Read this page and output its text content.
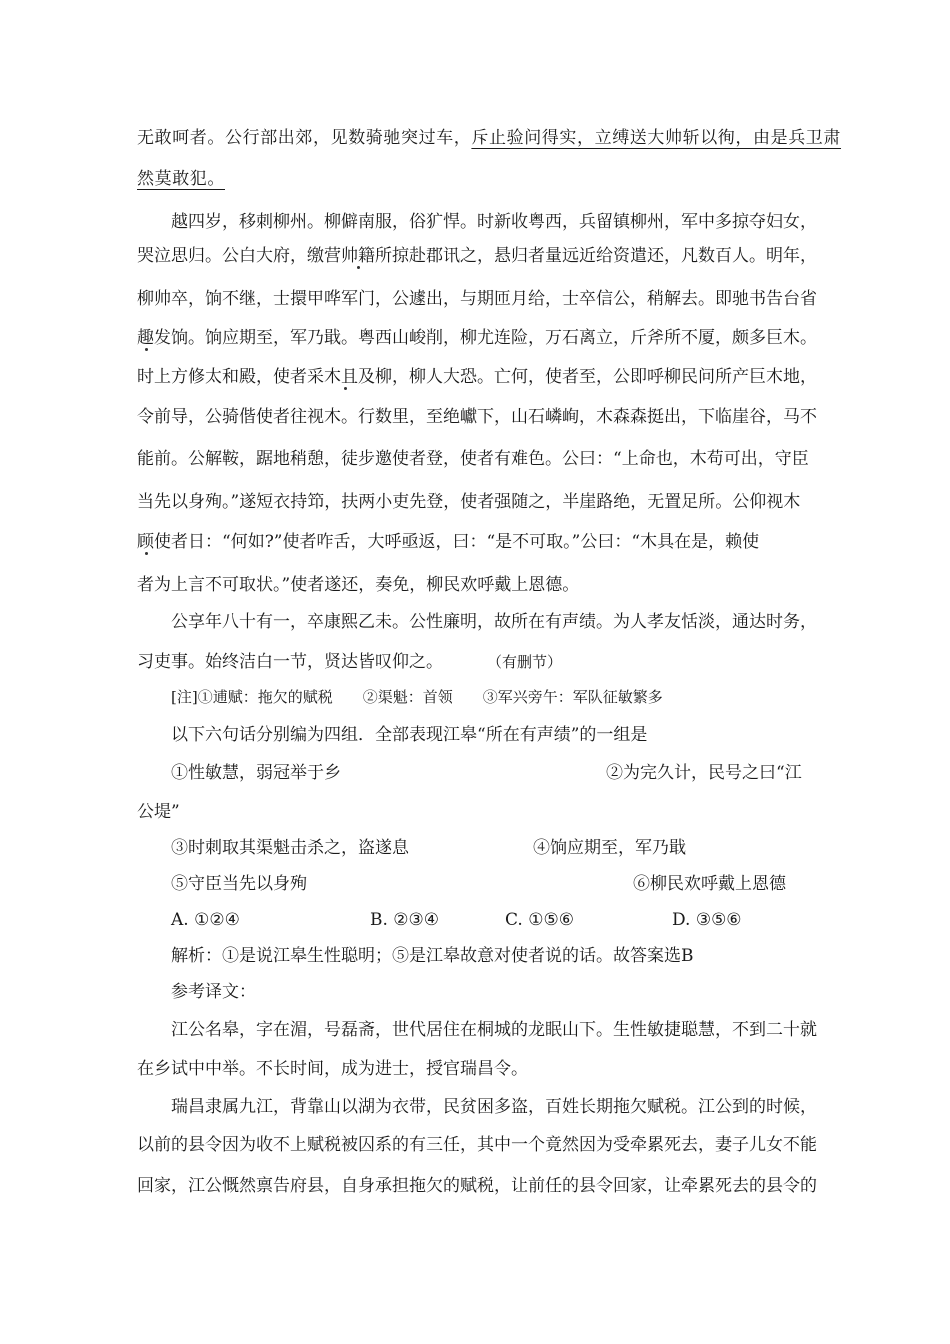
无敢呵者。公行部出郊，见数骑驰突过车，斥止验问得实，立缚送大帅斩以徇，由是兵卫肃
然莫敢犯。
越四岁，移刺柳州。柳僻南服，俗犷悍。时新收粤西，兵留镇柳州，军中多掠夺妇女，
哭泣思归。公白大府，缴营帅籍所掠赴郡讯之，悬归者量远近给资遣还，凡数百人。明年，
柳帅卒，饷不继，士擐甲哗军门，公遽出，与期匝月给，士卒信公，稍解去。即驰书告台省
趣发饷。饷应期至，军乃戢。粤西山峻削，柳尤连险，万石离立，斤斧所不厦，颇多巨木。
时上方修太和殿，使者采木且及柳，柳人大恐。亡何，使者至，公即呼柳民问所产巨木地，
令前导，公骑偕使者往视木。行数里，至绝巘下，山石嶙峋，木森森挺出，下临崖谷，马不
能前。公解鞍，踞地稍憩，徒步邀使者登，使者有难色。公曰：“上命也，木苟可出，守臣
当先以身殉。”遂短衣持笻，扶两小吏先登，使者强随之，半崖路绝，无置足所。公仰视木
顾使者日：“何如?”使者咋舌，大呼亟返，曰：“是不可取。”公曰：“木具在是，赖使
者为上言不可取状。”使者遂还，奏免，柳民欢呼戴上恩德。
公享年八十有一，卒康熙乙未。公性廉明，故所在有声绩。为人孝友恬淡，通达时务，
习吏事。始终洁白一节，贤达皆叹仰之。	（有删节）
[注]①逋赋：拖欠的赋税　　②渠魁：首领　　③军兴旁午：军队征敏繁多
以下六句话分别编为四组．全部表现江皋“所在有声绩”的一组是
①性敏慧，弱冠举于乡	②为完久计，民号之曰“江
公堤”
③时刺取其渠魁击杀之，盗遂息	④饷应期至，军乃戢
⑤守臣当先以身殉	⑥柳民欢呼戴上恩德
A. ①②④	B. ②③④	C. ①⑤⑥	D. ③⑤⑥
解析：①是说江皋生性聪明；⑤是江皋故意对使者说的话。故答案选B
参考译文：
江公名皋，字在湄，号磊斋，世代居住在桐城的龙眠山下。生性敏捷聪慧，不到二十就
在乡试中中举。不长时间，成为进士，授官瑞昌令。
瑞昌隶属九江，背靠山以湖为衣带，民贫困多盗，百姓长期拖欠赋税。江公到的时候，
以前的县令因为收不上赋税被囚系的有三任，其中一个竟然因为受牵累死去，妻子儿女不能
回家，江公慨然禀告府县，自身承担拖欠的赋税，让前任的县令回家，让牵累死去的县令的
